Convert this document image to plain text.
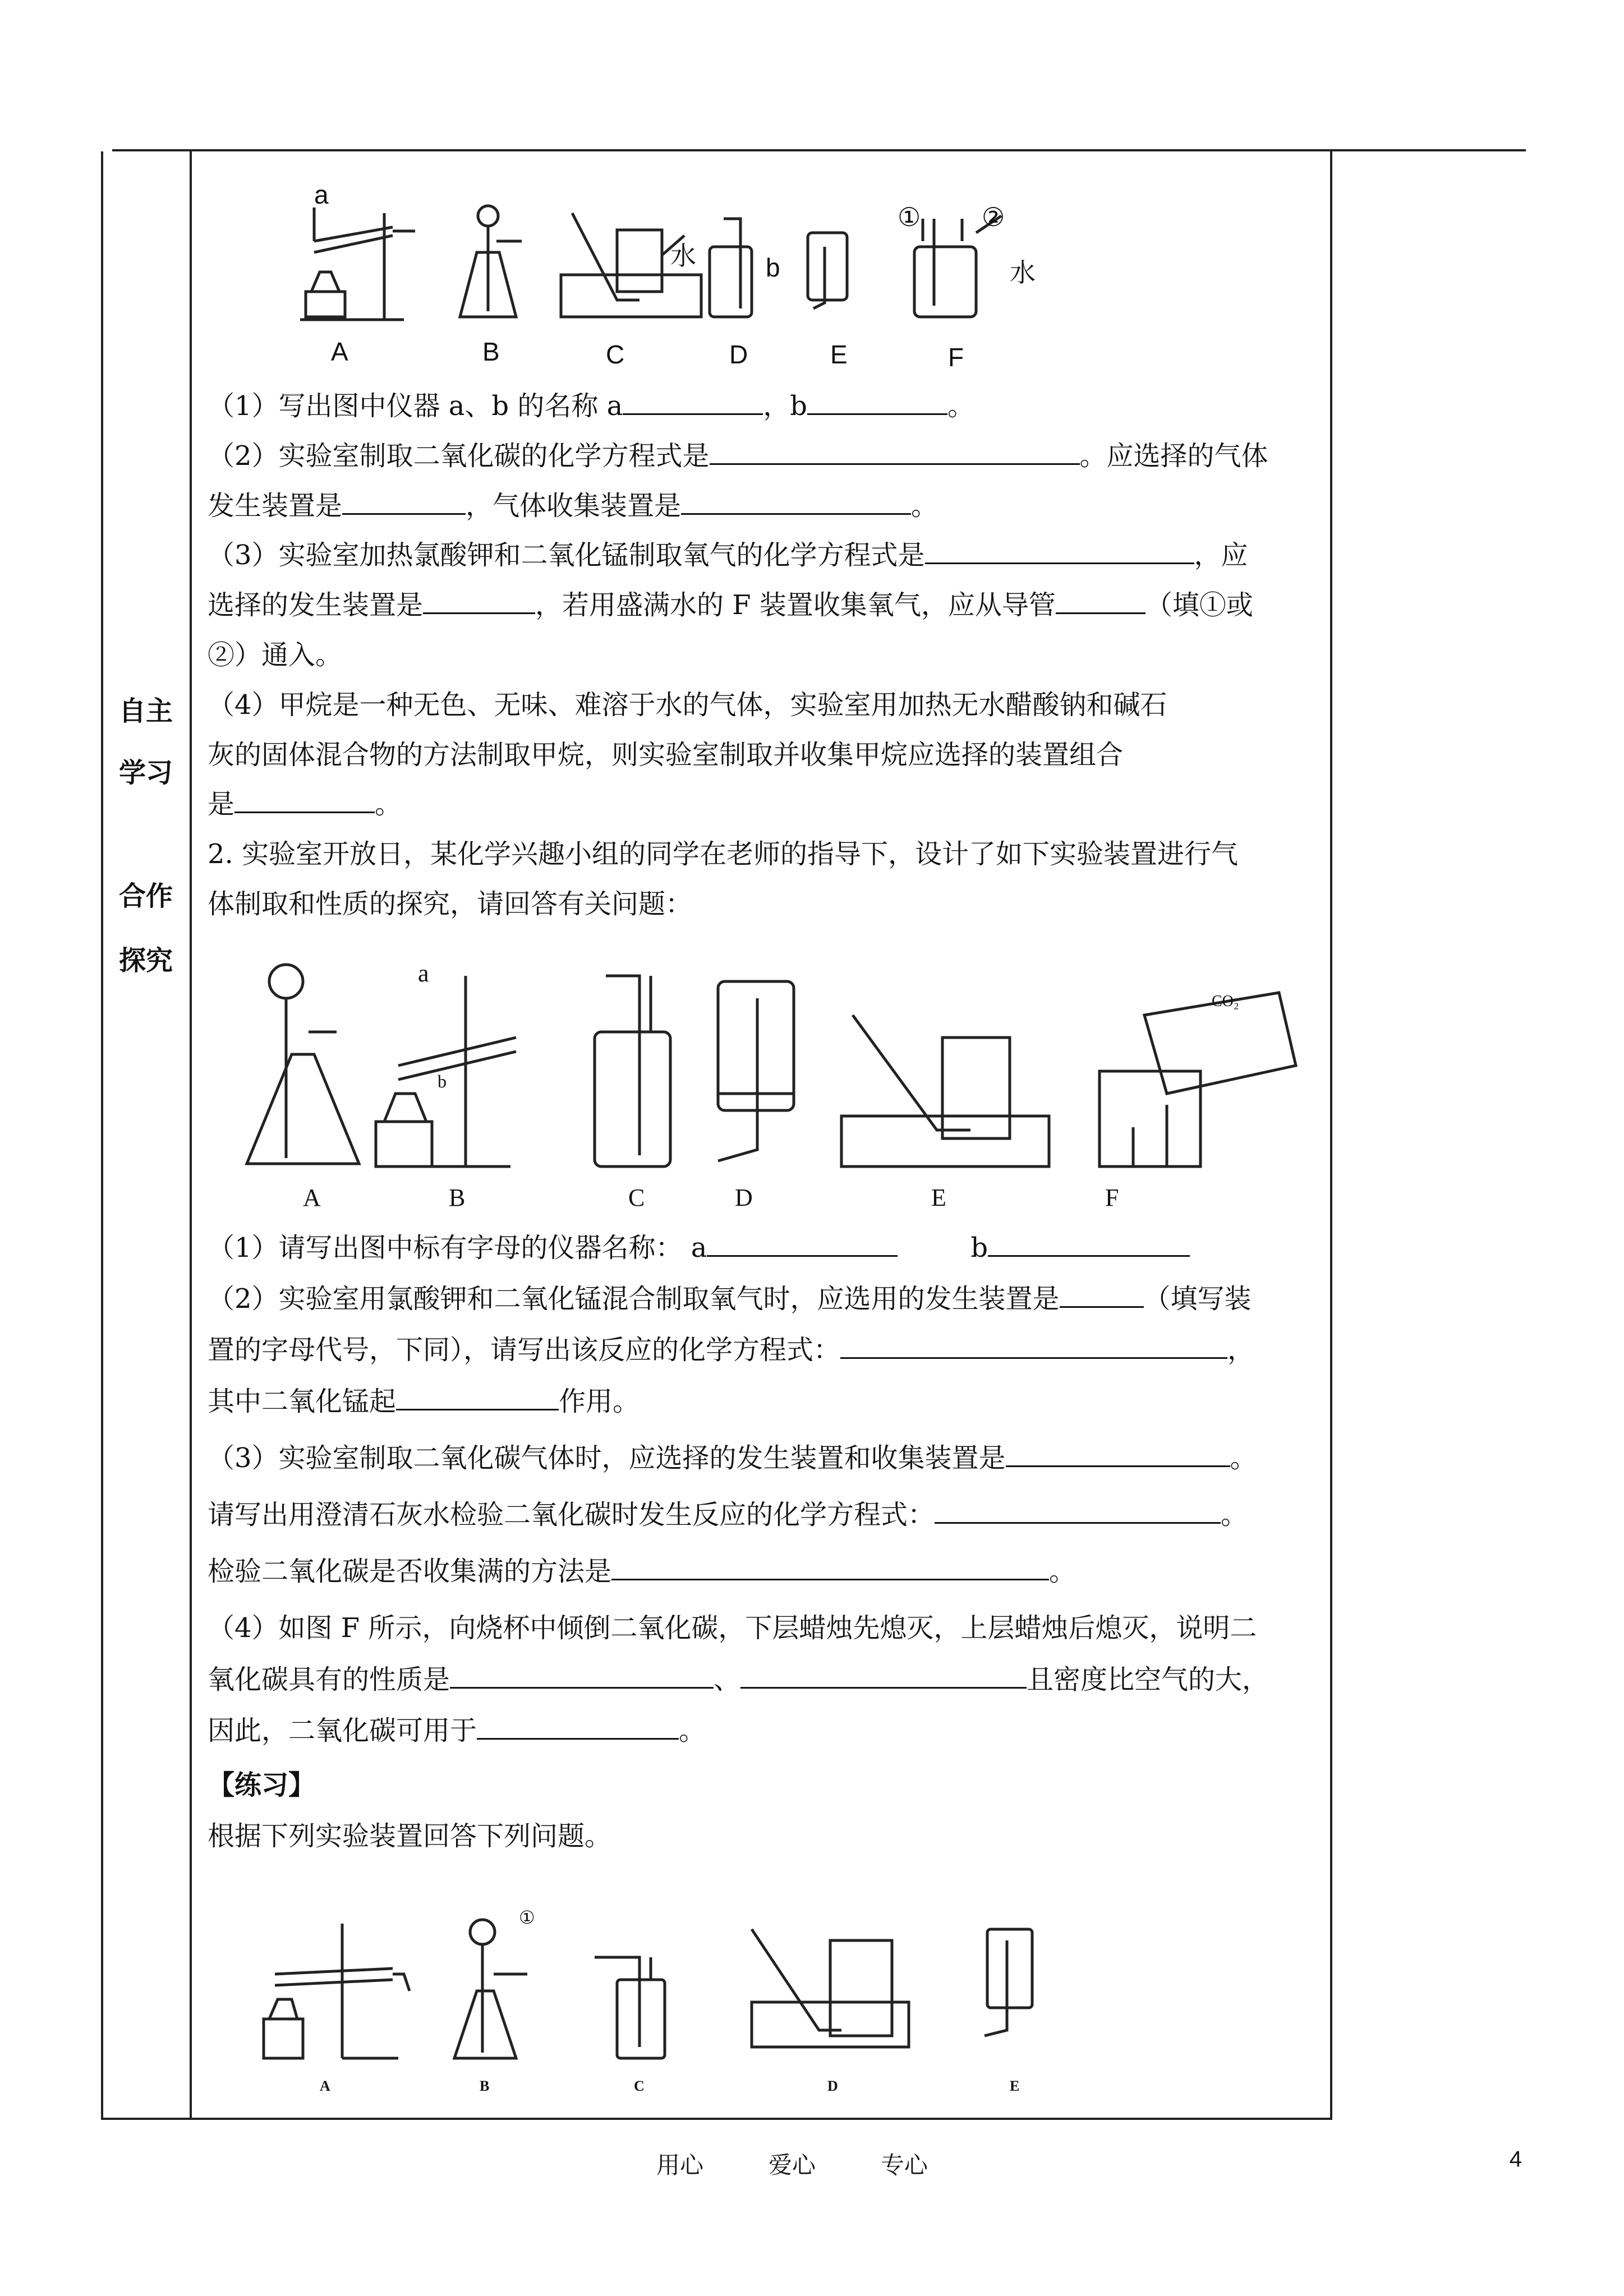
自主
学习
合作
探究
a
b
水
水
① ②
A	B	C	D	E	F

（1）写出图中仪器 a、b 的名称 a	，b	。

（2）实验室制取二氧化碳的化学方程式是	。应选择的气体

发生装置是	，气体收集装置是	。

（3）实验室加热氯酸钾和二氧化锰制取氧气的化学方程式是	，应

选择的发生装置是	，若用盛满水的 F 装置收集氧气，应从导管	（填①或

②）通入。

（4）甲烷是一种无色、无味、难溶于水的气体，实验室用加热无水醋酸钠和碱石

灰的固体混合物的方法制取甲烷，则实验室制取并收集甲烷应选择的装置组合

是	。

2. 实验室开放日，某化学兴趣小组的同学在老师的指导下，设计了如下实验装置进行气

体制取和性质的探究，请回答有关问题：

a
b
CO₂
A	B	C	D	E	F

（1）请写出图中标有字母的仪器名称： a	b

（2）实验室用氯酸钾和二氧化锰混合制取氧气时，应选用的发生装置是	（填写装

置的字母代号，下同），请写出该反应的化学方程式：	，

其中二氧化锰起	作用。

（3）实验室制取二氧化碳气体时，应选择的发生装置和收集装置是	。

请写出用澄清石灰水检验二氧化碳时发生反应的化学方程式：	。

检验二氧化碳是否收集满的方法是	。

（4）如图 F 所示，向烧杯中倾倒二氧化碳，下层蜡烛先熄灭，上层蜡烛后熄灭，说明二

氧化碳具有的性质是	、	且密度比空气的大，

因此，二氧化碳可用于	。

【练习】

根据下列实验装置回答下列问题。

①
A	B	C	D	E
用心	爱心	专心	4
